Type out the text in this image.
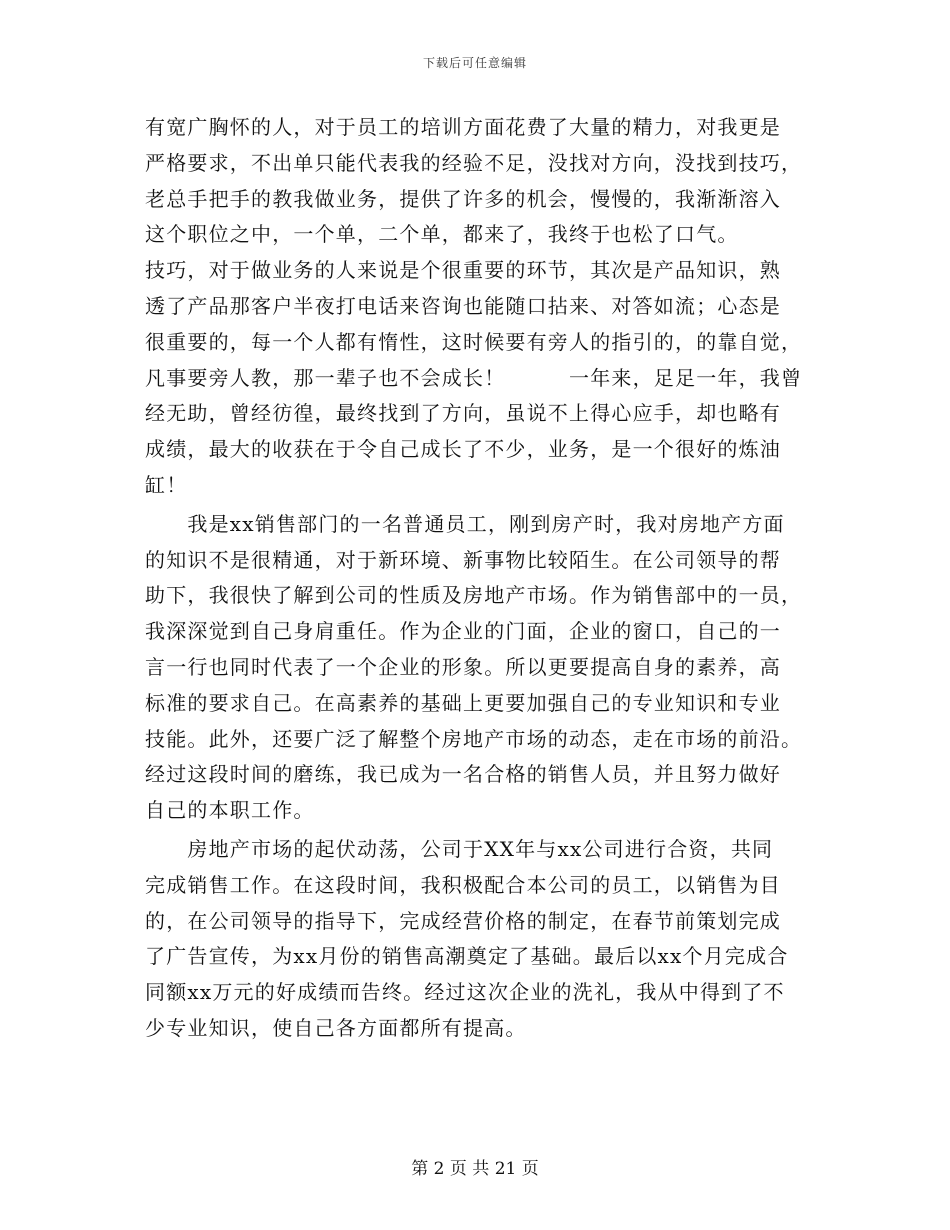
下载后可任意编辑
有宽广胸怀的人，对于员工的培训方面花费了大量的精力，对我更是
严格要求，不出单只能代表我的经验不足，没找对方向，没找到技巧，
老总手把手的教我做业务，提供了许多的机会，慢慢的，我渐渐溶入
这个职位之中，一个单，二个单，都来了，我终于也松了口气。
技巧，对于做业务的人来说是个很重要的环节，其次是产品知识，熟
透了产品那客户半夜打电话来咨询也能随口拈来、对答如流；心态是
很重要的，每一个人都有惰性，这时候要有旁人的指引的，的靠自觉，
凡事要旁人教，那一辈子也不会成长！　　　一年来，足足一年，我曾
经无助，曾经彷徨，最终找到了方向，虽说不上得心应手，却也略有
成绩，最大的收获在于令自己成长了不少，业务，是一个很好的炼油
缸！
　　我是xx销售部门的一名普通员工，刚到房产时，我对房地产方面
的知识不是很精通，对于新环境、新事物比较陌生。在公司领导的帮
助下，我很快了解到公司的性质及房地产市场。作为销售部中的一员，
我深深觉到自己身肩重任。作为企业的门面，企业的窗口，自己的一
言一行也同时代表了一个企业的形象。所以更要提高自身的素养，高
标准的要求自己。在高素养的基础上更要加强自己的专业知识和专业
技能。此外，还要广泛了解整个房地产市场的动态，走在市场的前沿。
经过这段时间的磨练，我已成为一名合格的销售人员，并且努力做好
自己的本职工作。
　　房地产市场的起伏动荡，公司于XX年与xx公司进行合资，共同
完成销售工作。在这段时间，我积极配合本公司的员工，以销售为目
的，在公司领导的指导下，完成经营价格的制定，在春节前策划完成
了广告宣传，为xx月份的销售高潮奠定了基础。最后以xx个月完成合
同额xx万元的好成绩而告终。经过这次企业的洗礼，我从中得到了不
少专业知识，使自己各方面都所有提高。
第 2 页 共 21 页
